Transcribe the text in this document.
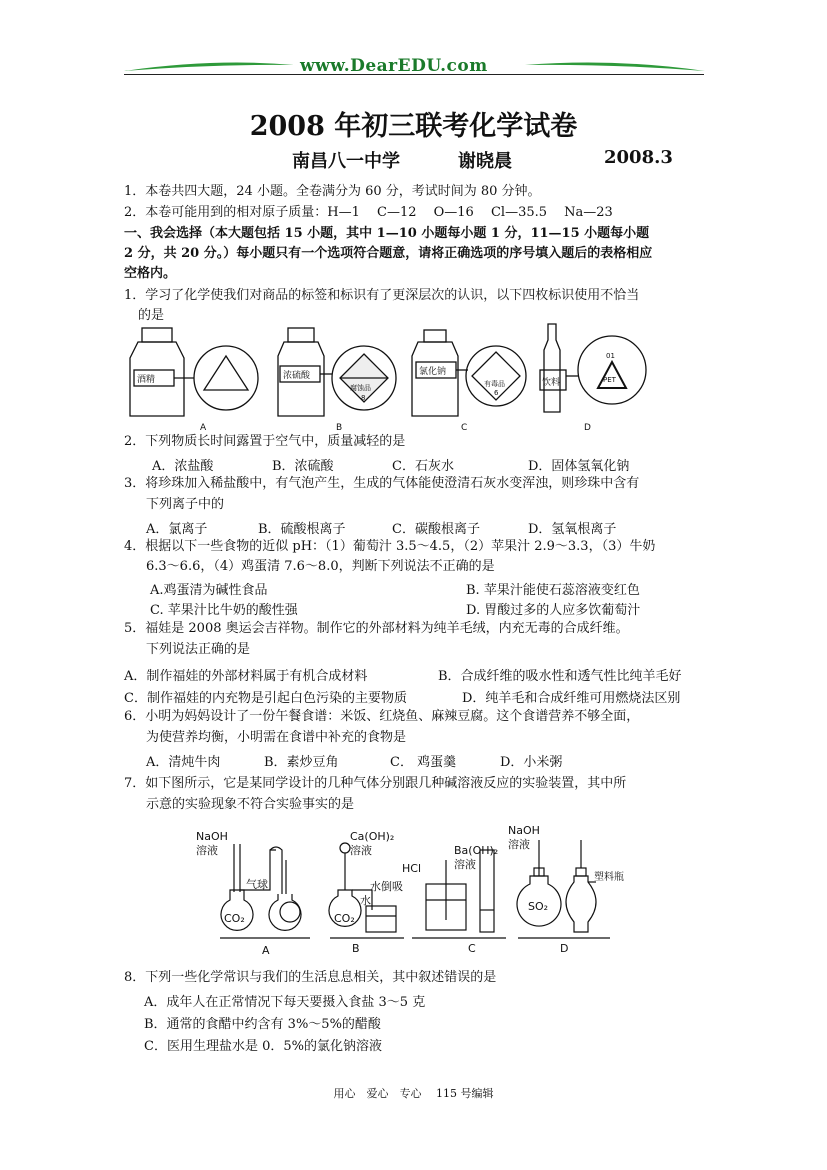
www.DearEDU.com
2008 年初三联考化学试卷
南昌八一中学	谢晓晨	2008.3
1．本卷共四大题，24 小题。全卷满分为 60 分，考试时间为 80 分钟。
2．本卷可能用到的相对原子质量：H—1　 C—12 　O—16 　Cl—35.5 　Na—23
一、我会选择（本大题包括 15 小题，其中 1—10 小题每小题 1 分，11—15 小题每小题
2 分，共 20 分。）每小题只有一个选项符合题意，请将正确选项的序号填入题后的表格相应
空格内。
1．学习了化学使我们对商品的标签和标识有了更深层次的认识，以下四枚标识使用不恰当
的是
酒精	浓硫酸
腐蚀品
8
氯化钠
有毒品
6
饮料
01
PET
A	B	C	D
2．下列物质长时间露置于空气中，质量减轻的是
A．浓盐酸	B．浓硫酸	C．石灰水	D．固体氢氧化钠
3．将珍珠加入稀盐酸中，有气泡产生，生成的气体能使澄清石灰水变浑浊，则珍珠中含有
下列离子中的
A．氯离子	B．硫酸根离子	C．碳酸根离子	D．氢氧根离子
4．根据以下一些食物的近似 pH：（1）葡萄汁 3.5～4.5，（2）苹果汁 2.9～3.3，（3）牛奶
6.3～6.6，（4）鸡蛋清 7.6～8.0，判断下列说法不正确的是
A.鸡蛋清为碱性食品	B. 苹果汁能使石蕊溶液变红色
C. 苹果汁比牛奶的酸性强	D. 胃酸过多的人应多饮葡萄汁
5．福娃是 2008 奥运会吉祥物。制作它的外部材料为纯羊毛绒，内充无毒的合成纤维。
下列说法正确的是
A．制作福娃的外部材料属于有机合成材料	B．合成纤维的吸水性和透气性比纯羊毛好
C．制作福娃的内充物是引起白色污染的主要物质	D．纯羊毛和合成纤维可用燃烧法区别
6．小明为妈妈设计了一份午餐食谱：米饭、红烧鱼、麻辣豆腐。这个食谱营养不够全面，
为使营养均衡，小明需在食谱中补充的食物是
A．清炖牛肉	B．素炒豆角	C． 鸡蛋羹	D．小米粥
7．如下图所示，它是某同学设计的几种气体分别跟几种碱溶液反应的实验装置，其中所
示意的实验现象不符合实验事实的是
NaOH
溶液
气球
CO₂
Ca(OH)₂
溶液
水倒吸
水
CO₂
HCl
Ba(OH)₂
溶液
NaOH
溶液
SO₂
塑料瓶
A	B	C	D
8．下列一些化学常识与我们的生活息息相关，其中叙述错误的是
A．成年人在正常情况下每天要摄入食盐 3～5 克
B．通常的食醋中约含有 3%～5%的醋酸
C．医用生理盐水是 0．5%的氯化钠溶液
用心　爱心　专心　 115 号编辑
